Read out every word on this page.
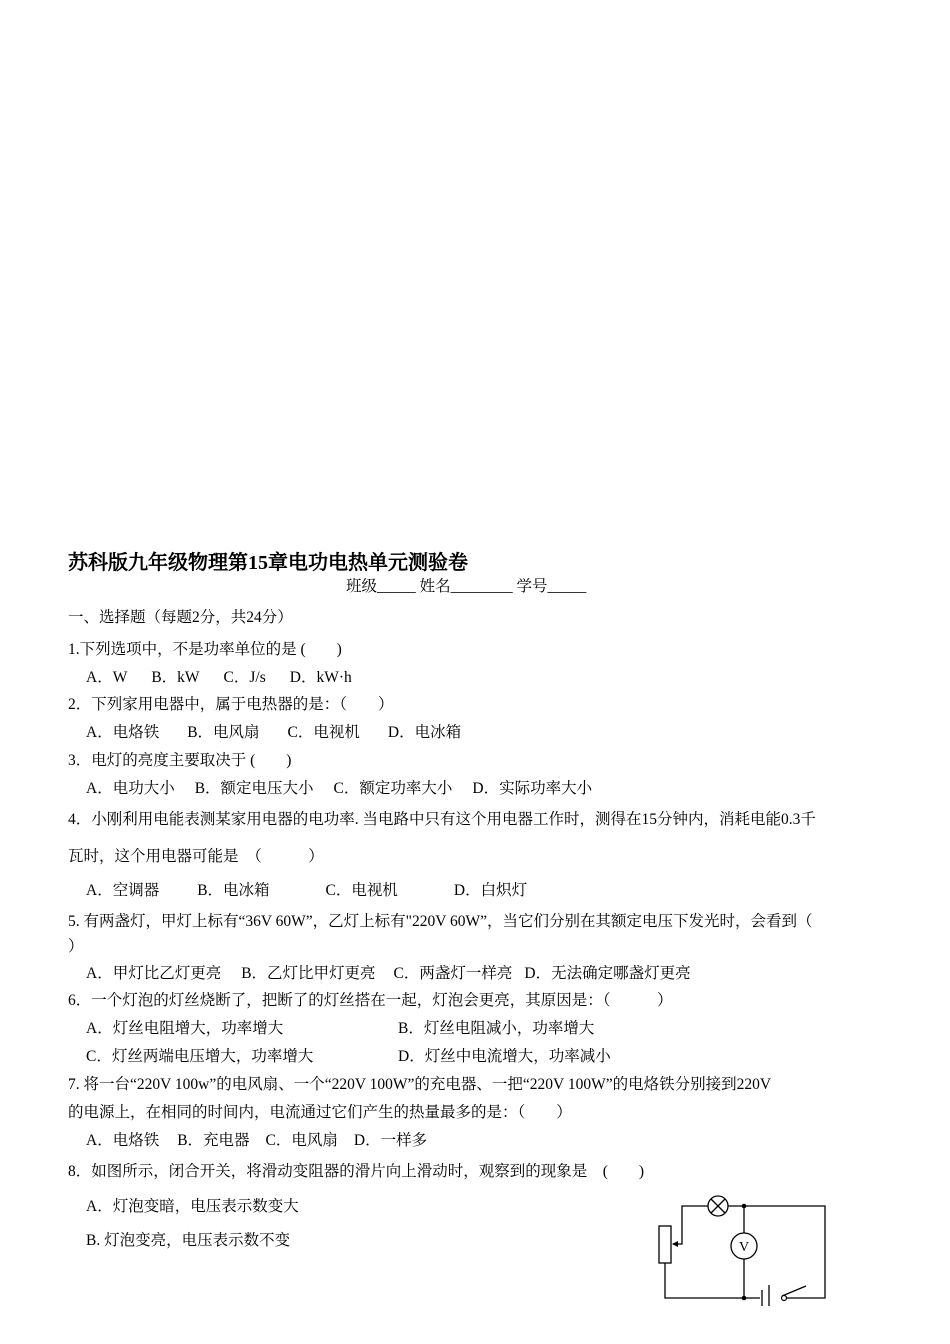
苏科版九年级物理第15章电功电热单元测验卷
班级_____ 姓名________ 学号_____
一、选择题（每题2分，共24分）
1.下列选项中，不是功率单位的是 (　　)
A．W B．kW C．J/s D．kW·h
2．下列家用电器中，属于电热器的是：（　　）
A．电烙铁 B．电风扇 C．电视机 D．电冰箱
3．电灯的亮度主要取决于 (　　)
A．电功大小 B．额定电压大小 C．额定功率大小 D．实际功率大小
4．小刚利用电能表测某家用电器的电功率. 当电路中只有这个用电器工作时，测得在15分钟内，消耗电能0.3千
瓦时，这个用电器可能是　（　　　）
A．空调器 B．电冰箱	C．电视机	D．白炽灯
5. 有两盏灯，甲灯上标有“36V 60W”，乙灯上标有"220V 60W”，当它们分别在其额定电压下发光时，会看到（
）
A．甲灯比乙灯更亮 B．乙灯比甲灯更亮 C．两盏灯一样亮 D．无法确定哪盏灯更亮
6．一个灯泡的灯丝烧断了，把断了的灯丝搭在一起，灯泡会更亮，其原因是：（　　　）
A．灯丝电阻增大，功率增大	B．灯丝电阻减小，功率增大
C．灯丝两端电压增大，功率增大	D．灯丝中电流增大，功率减小
7. 将一台“220V 100w”的电风扇、一个“220V 100W”的充电器、一把“220V 100W”的电烙铁分别接到220V
的电源上，在相同的时间内，电流通过它们产生的热量最多的是：（　　）
A．电烙铁 B．充电器 C．电风扇 D．一样多
8．如图所示，闭合开关，将滑动变阻器的滑片向上滑动时，观察到的现象是　(　　)
A．灯泡变暗，电压表示数变大
B. 灯泡变亮，电压表示数不变	V
